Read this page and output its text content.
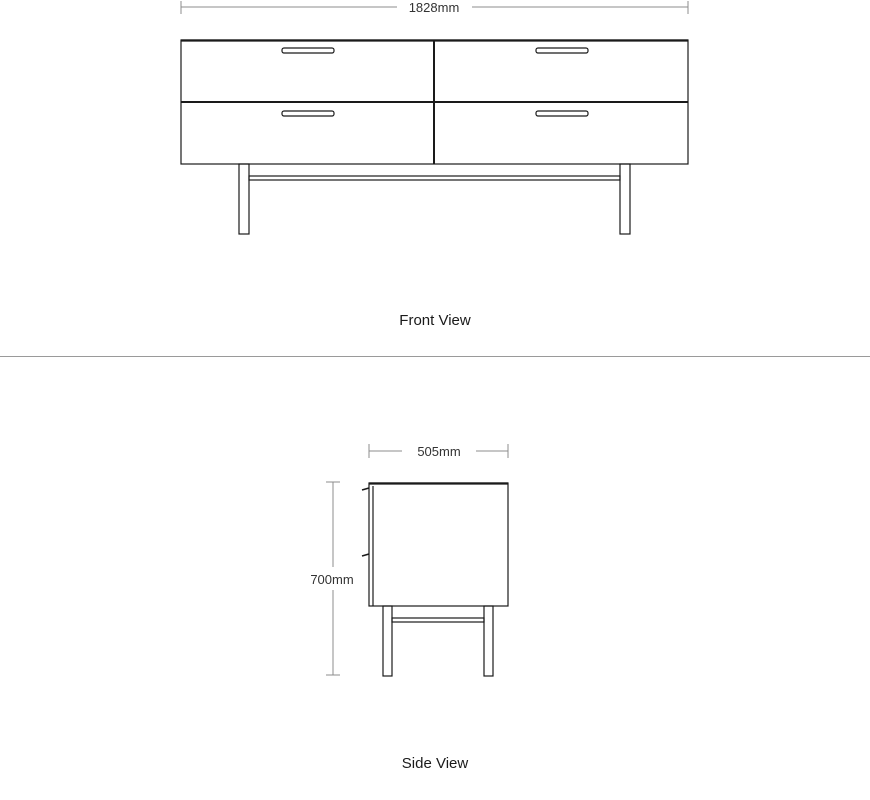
1828mm
505mm
700mm
Front View
Side View
